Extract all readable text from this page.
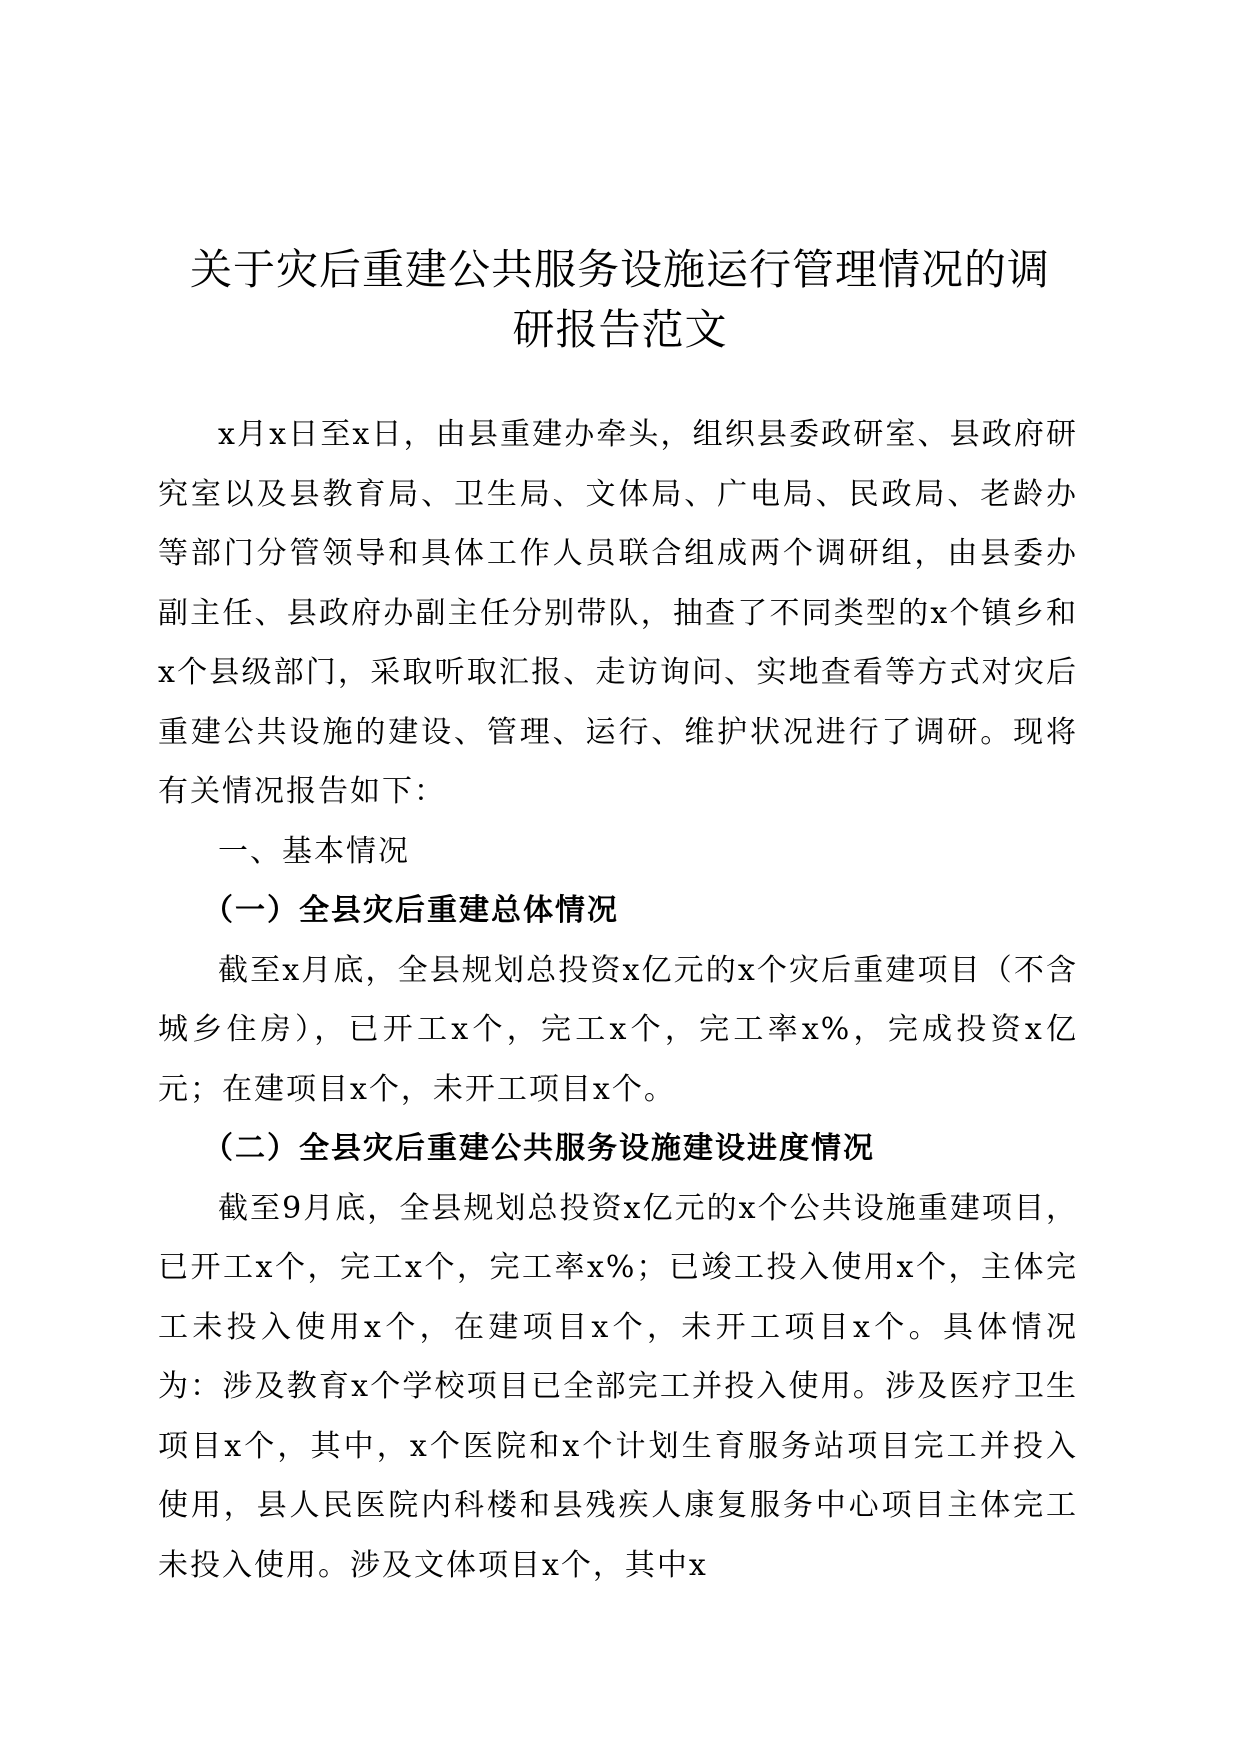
关于灾后重建公共服务设施运行管理情况的调
研报告范文

x月x日至x日，由县重建办牵头，组织县委政研室、县政府研究室以及县教育局、卫生局、文体局、广电局、民政局、老龄办等部门分管领导和具体工作人员联合组成两个调研组，由县委办副主任、县政府办副主任分别带队，抽查了不同类型的x个镇乡和x个县级部门，采取听取汇报、走访询问、实地查看等方式对灾后重建公共设施的建设、管理、运行、维护状况进行了调研。现将有关情况报告如下：

一、基本情况

（一）全县灾后重建总体情况

截至x月底，全县规划总投资x亿元的x个灾后重建项目（不含城乡住房），已开工x个，完工x个，完工率x%，完成投资x亿元；在建项目x个，未开工项目x个。

（二）全县灾后重建公共服务设施建设进度情况

截至9月底，全县规划总投资x亿元的x个公共设施重建项目，已开工x个，完工x个，完工率x%；已竣工投入使用x个，主体完工未投入使用x个，在建项目x个，未开工项目x个。具体情况为：涉及教育x个学校项目已全部完工并投入使用。涉及医疗卫生项目x个，其中，x个医院和x个计划生育服务站项目完工并投入使用，县人民医院内科楼和县残疾人康复服务中心项目主体完工未投入使用。涉及文体项目x个，其中x
